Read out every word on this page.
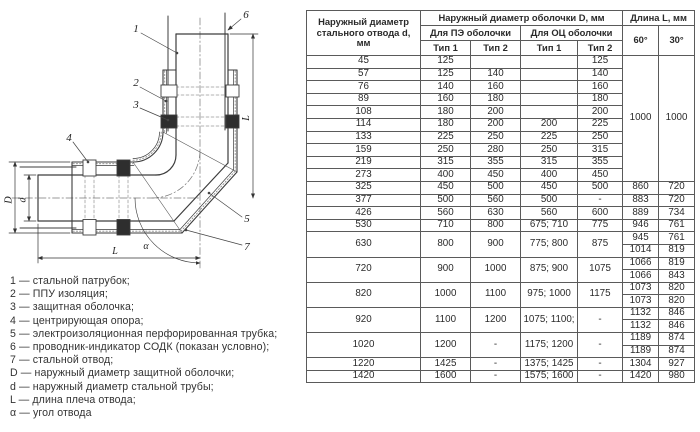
1
2
3
4
5
6
7
D d
L
L
α
1 — стальной патрубок;
2 — ППУ изоляция;
3 — защитная оболочка;
4 — центрирующая опора;
5 — электроизоляционная перфорированная трубка;
6 — проводник-индикатор СОДК (показан условно);
7 — стальной отвод;
D — наружный диаметр защитной оболочки;
d — наружный диаметр стальной трубы;
L — длина плеча отвода;
α — угол отвода
Наружный диаметр стального отвода d, мм	Наружный диаметр оболочки D, мм				Длина L, мм	
	Для ПЭ оболочки		Для ОЦ оболочки		60°	30°
	Тип 1	Тип 2	Тип 1	Тип 2		
45	125			125	1000	1000
57	125	140		140		
76	140	160		160		
89	160	180		180		
108	180	200		200		
114	180	200	200	225		
133	225	250	225	250		
159	250	280	250	315		
219	315	355	315	355		
273	400	450	400	450		
325	450	500	450	500	860	720
377	500	560	500	-	883	720
426	560	630	560	600	889	734
530	710	800	675; 710	775	946	761
630	800	900	775; 800	875	945	761
					1014	819
720	900	1000	875; 900	1075	1066	819
					1066	843
820	1000	1100	975; 1000	1175	1073	820
					1073	820
920	1100	1200	1075; 1100;	-	1132	846
					1132	846
1020	1200	-	1175; 1200	-	1189	874
					1189	874
1220	1425	-	1375; 1425	-	1304	927
1420	1600	-	1575; 1600	-	1420	980
